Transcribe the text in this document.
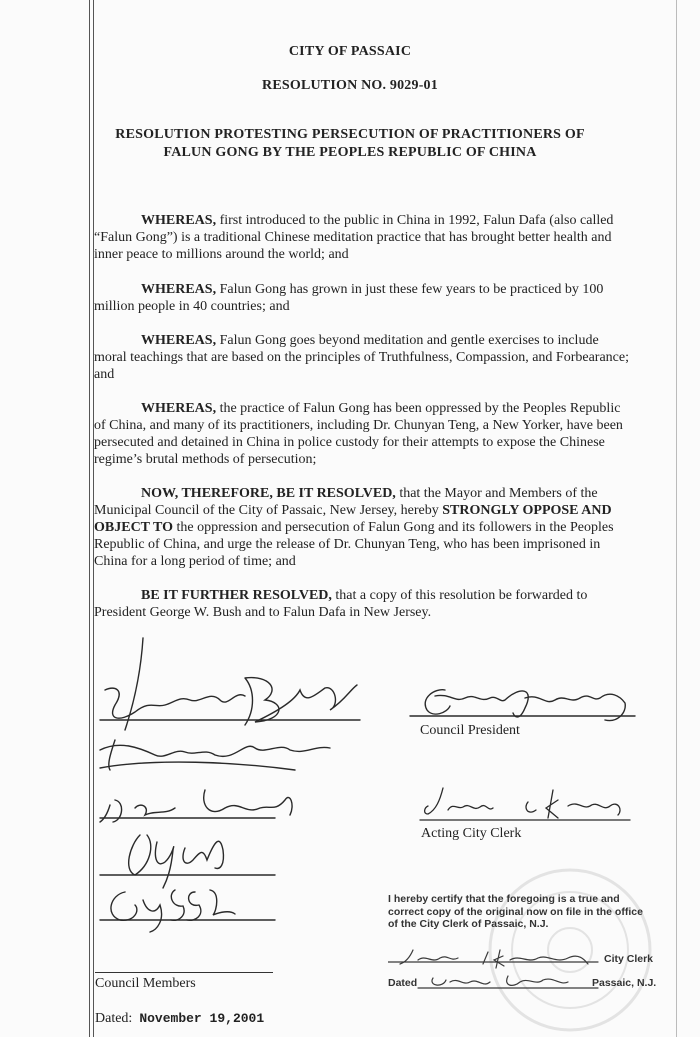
CITY OF PASSAIC
RESOLUTION NO. 9029-01
RESOLUTION PROTESTING PERSECUTION OF PRACTITIONERS OF
FALUN GONG BY THE PEOPLES REPUBLIC OF CHINA
WHEREAS, first introduced to the public in China in 1992, Falun Dafa (also called “Falun Gong”) is a traditional Chinese meditation practice that has brought better health and inner peace to millions around the world; and
WHEREAS, Falun Gong has grown in just these few years to be practiced by 100 million people in 40 countries; and
WHEREAS, Falun Gong goes beyond meditation and gentle exercises to include moral teachings that are based on the principles of Truthfulness, Compassion, and Forbearance; and
WHEREAS, the practice of Falun Gong has been oppressed by the Peoples Republic of China, and many of its practitioners, including Dr. Chunyan Teng, a New Yorker, have been persecuted and detained in China in police custody for their attempts to expose the Chinese regime’s brutal methods of persecution;
NOW, THEREFORE, BE IT RESOLVED, that the Mayor and Members of the Municipal Council of the City of Passaic, New Jersey, hereby STRONGLY OPPOSE AND OBJECT TO the oppression and persecution of Falun Gong and its followers in the Peoples Republic of China, and urge the release of Dr. Chunyan Teng, who has been imprisoned in China for a long period of time; and
BE IT FURTHER RESOLVED, that a copy of this resolution be forwarded to President George W. Bush and to Falun Dafa in New Jersey.
Council Members
Dated: November 19,2001
Council President
Acting City Clerk
I hereby certify that the foregoing is a true and
correct copy of the original now on file in the office
of the City Clerk of Passaic, N.J.
City Clerk
Dated	Passaic, N.J.
